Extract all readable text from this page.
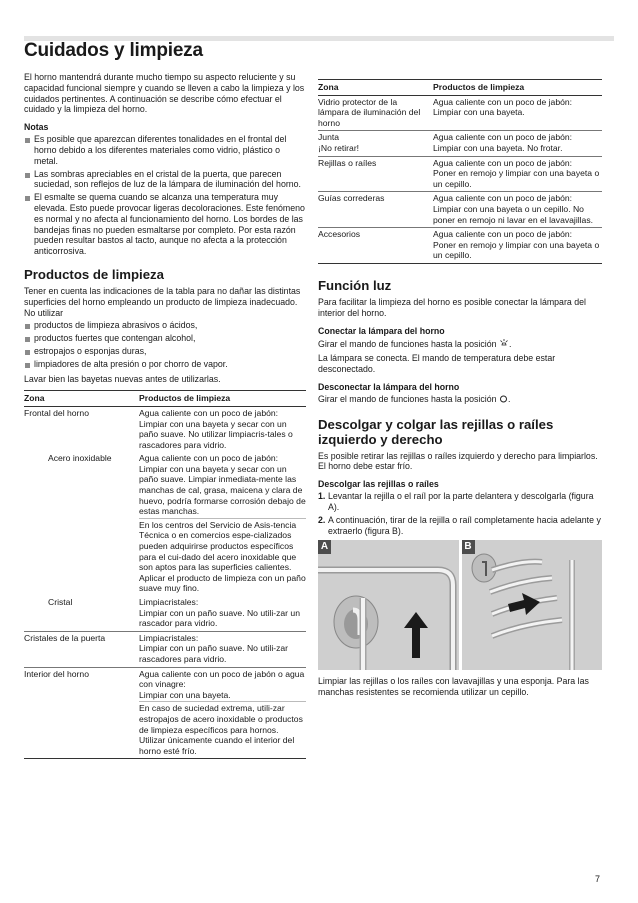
Cuidados y limpieza

El horno mantendrá durante mucho tiempo su aspecto reluciente y su capacidad funcional siempre y cuando se lleven a cabo la limpieza y los cuidados pertinentes. A continuación se describe cómo efectuar el cuidado y la limpieza del horno.

Notas
Es posible que aparezcan diferentes tonalidades en el frontal del horno debido a los diferentes materiales como vidrio, plástico o metal.
Las sombras apreciables en el cristal de la puerta, que parecen suciedad, son reflejos de luz de la lámpara de iluminación del horno.
El esmalte se quema cuando se alcanza una temperatura muy elevada. Esto puede provocar ligeras decoloraciones. Este fenómeno es normal y no afecta al funcionamiento del horno. Los bordes de las bandejas finas no pueden esmaltarse por completo. Por esta razón pueden resultar bastos al tacto, aunque no afecta a la protección anticorrosiva.
Productos de limpieza

Tener en cuenta las indicaciones de la tabla para no dañar las distintas superficies del horno empleando un producto de limpieza inadecuado. No utilizar

productos de limpieza abrasivos o ácidos,
productos fuertes que contengan alcohol,
estropajos o esponjas duras,
limpiadores de alta presión o por chorro de vapor.

Lavar bien las bayetas nuevas antes de utilizarlas.

Zona	Productos de limpieza
Frontal del horno	Agua caliente con un poco de jabón:
Limpiar con una bayeta y secar con un paño suave. No utilizar limpiacris-tales o rascadores para vidrio.

Acero inoxidable	Agua caliente con un poco de jabón:
Limpiar con una bayeta y secar con un paño suave. Limpiar inmediata-mente las manchas de cal, grasa, maicena y clara de huevo, podría formarse corrosión debajo de estas manchas.
En los centros del Servicio de Asis-tencia Técnica o en comercios espe-cializados pueden adquirirse productos específicos para el cui-dado del acero inoxidable que son aptos para las superficies calientes. Aplicar el producto de limpieza con un paño suave muy fino.

Cristal	Limpiacristales:
Limpiar con un paño suave. No utili-zar un rascador para vidrio.

Cristales de la puerta	Limpiacristales:
Limpiar con un paño suave. No utili-zar rascadores para vidrio.

Interior del horno	Agua caliente con un poco de jabón o agua con vinagre:
Limpiar con una bayeta.
En caso de suciedad extrema, utili-zar estropajos de acero inoxidable o productos de limpieza específicos para hornos. Utilizar únicamente cuando el interior del horno esté frío.
Zona	Productos de limpieza
Vidrio protector de la lámpara de iluminación del horno	Agua caliente con un poco de jabón:
Limpiar con una bayeta.
Junta
¡No retirar!	Agua caliente con un poco de jabón:
Limpiar con una bayeta. No frotar.
Rejillas o raíles	Agua caliente con un poco de jabón:
Poner en remojo y limpiar con una bayeta o un cepillo.
Guías correderas	Agua caliente con un poco de jabón:
Limpiar con una bayeta o un cepillo. No poner en remojo ni lavar en el lavavajillas.
Accesorios	Agua caliente con un poco de jabón:
Poner en remojo y limpiar con una bayeta o un cepillo.
Función luz

Para facilitar la limpieza del horno es posible conectar la lámpara del interior del horno.

Conectar la lámpara del horno

Girar el mando de funciones hasta la posición .

La lámpara se conecta. El mando de temperatura debe estar desconectado.

Desconectar la lámpara del horno

Girar el mando de funciones hasta la posición .

Descolgar y colgar las rejillas o raíles izquierdo y derecho

Es posible retirar las rejillas o raíles izquierdo y derecho para limpiarlos. El horno debe estar frío.

Descolgar las rejillas o raíles
1. Levantar la rejilla o el raíl por la parte delantera y descolgarla (figura A).
2. A continuación, tirar de la rejilla o raíl completamente hacia adelante y extraerlo (figura B).
A	B

Limpiar las rejillas o los raíles con lavavajillas y una esponja. Para las manchas resistentes se recomienda utilizar un cepillo.

7
